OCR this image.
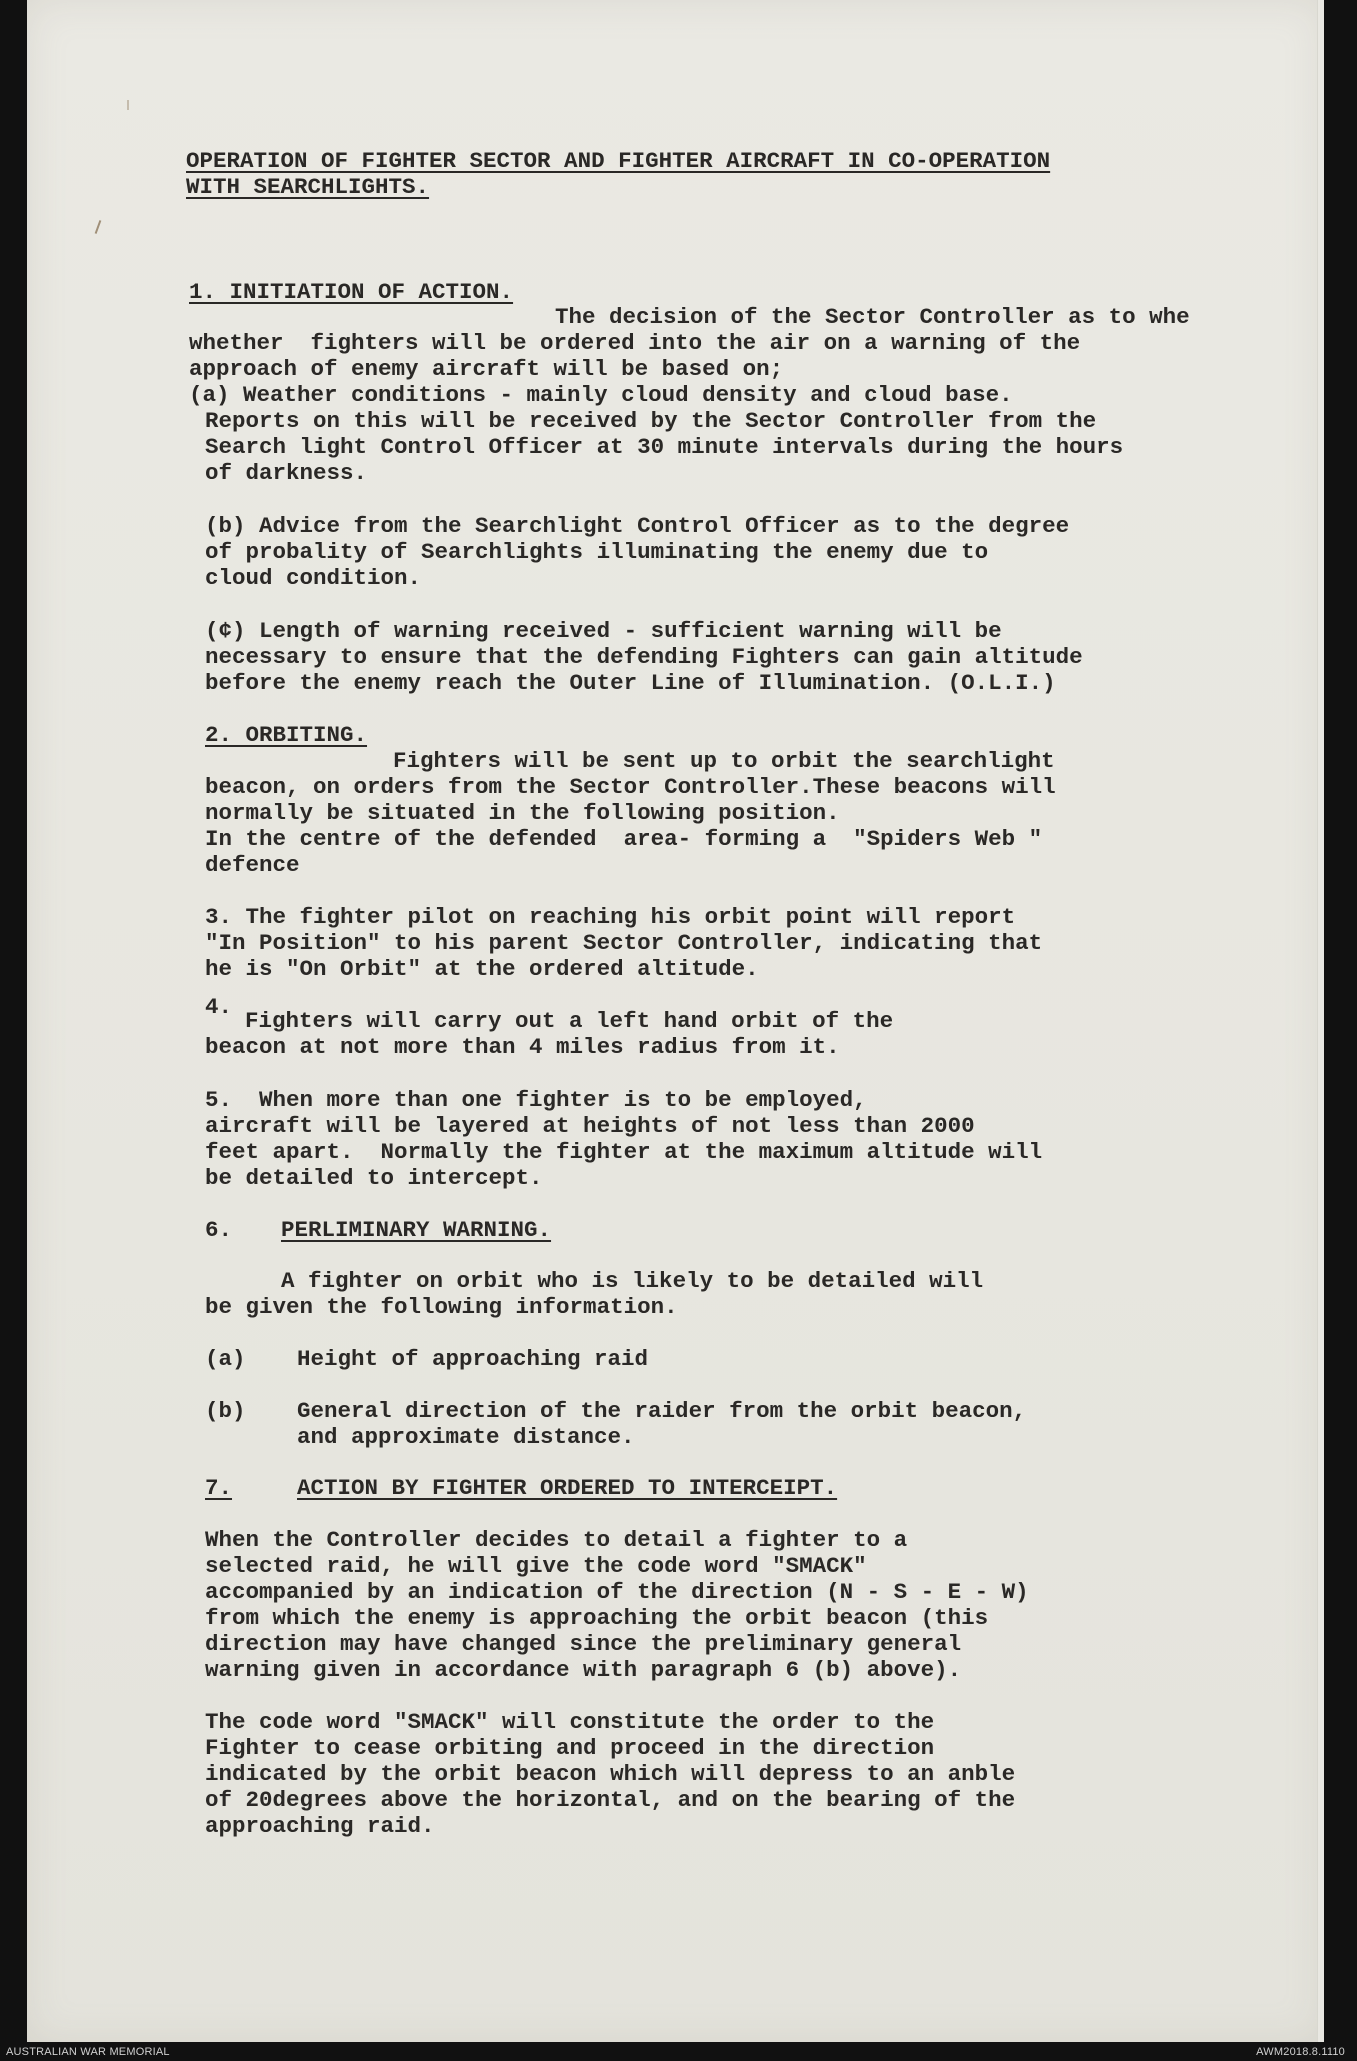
OPERATION OF FIGHTER SECTOR AND FIGHTER AIRCRAFT IN CO-OPERATION

WITH SEARCHLIGHTS.

1. INITIATION OF ACTION.

The decision of the Sector Controller as to whe

whether  fighters will be ordered into the air on a warning of the

approach of enemy aircraft will be based on;

(a) Weather conditions - mainly cloud density and cloud base.

Reports on this will be received by the Sector Controller from the

Search light Control Officer at 30 minute intervals during the hours

of darkness.

(b) Advice from the Searchlight Control Officer as to the degree

of probality of Searchlights illuminating the enemy due to

cloud condition.

(¢) Length of warning received - sufficient warning will be

necessary to ensure that the defending Fighters can gain altitude

before the enemy reach the Outer Line of Illumination. (O.L.I.)

2. ORBITING.

Fighters will be sent up to orbit the searchlight

beacon, on orders from the Sector Controller.These beacons will

normally be situated in the following position.

In the centre of the defended  area- forming a  "Spiders Web "

defence

3. The fighter pilot on reaching his orbit point will report

"In Position" to his parent Sector Controller, indicating that

he is "On Orbit" at the ordered altitude.

4.

Fighters will carry out a left hand orbit of the

beacon at not more than 4 miles radius from it.

5.  When more than one fighter is to be employed,

aircraft will be layered at heights of not less than 2000

feet apart.  Normally the fighter at the maximum altitude will

be detailed to intercept.

6.

PERLIMINARY WARNING.

A fighter on orbit who is likely to be detailed will

be given the following information.

(a)

Height of approaching raid

(b)

General direction of the raider from the orbit beacon,

and approximate distance.

7.

	ACTION BY FIGHTER ORDERED TO INTERCEIPT.

When the Controller decides to detail a fighter to a

selected raid, he will give the code word "SMACK"

accompanied by an indication of the direction (N - S - E - W)

from which the enemy is approaching the orbit beacon (this

direction may have changed since the preliminary general

warning given in accordance with paragraph 6 (b) above).

The code word "SMACK" will constitute the order to the

Fighter to cease orbiting and proceed in the direction

indicated by the orbit beacon which will depress to an anble

of 20degrees above the horizontal, and on the bearing of the

approaching raid.

AUSTRALIAN WAR MEMORIAL	AWM2018.8.1110
